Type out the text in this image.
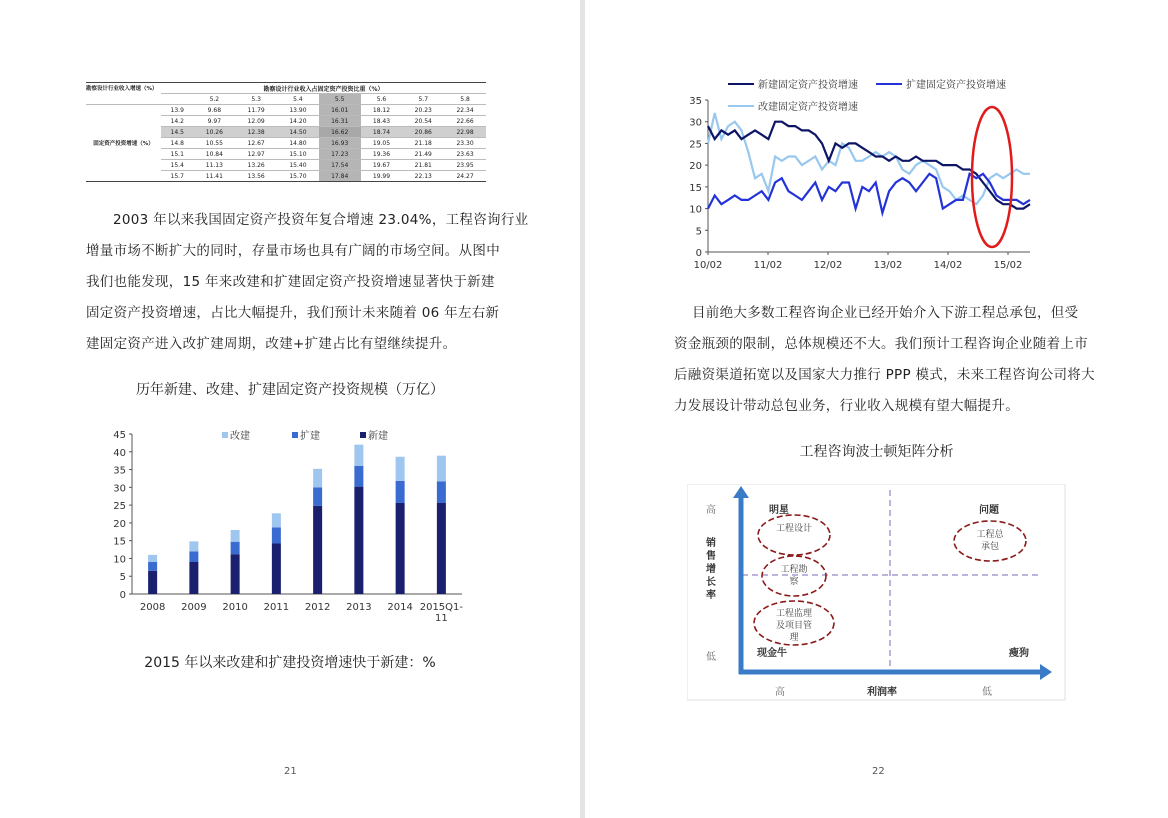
勘察设计行业收入增速（%）	勘察设计行业收入占固定资产投资比重（%）							
		5.2	5.3	5.4	5.5	5.6	5.7	5.8
固定资产投资增速（%）	13.9	9.68	11.79	13.90	16.01	18.12	20.23	22.34
	14.2	9.97	12.09	14.20	16.31	18.43	20.54	22.66
	14.5	10.26	12.38	14.50	16.62	18.74	20.86	22.98
	14.8	10.55	12.67	14.80	16.93	19.05	21.18	23.30
	15.1	10.84	12.97	15.10	17.23	19.36	21.49	23.63
	15.4	11.13	13.26	15.40	17.54	19.67	21.81	23.95
	15.7	11.41	13.56	15.70	17.84	19.99	22.13	24.27
2003 年以来我国固定资产投资年复合增速 23.04%，工程咨询行业
增量市场不断扩大的同时，存量市场也具有广阔的市场空间。从图中
我们也能发现，15 年来改建和扩建固定资产投资增速显著快于新建
固定资产投资增速，占比大幅提升，我们预计未来随着 06 年左右新
建固定资产进入改扩建周期，改建+扩建占比有望继续提升。
历年新建、改建、扩建固定资产投资规模（万亿）
0
5
10
15
20
25
30
35
40
45
2008 2009 2010 2011 2012 2013 2014 2015Q1-
11
改建	扩建	新建
2015 年以来改建和扩建投资增速快于新建：%
21
0
5
10
15
20
25
30
35
10/02	11/02	12/02	13/02	14/02	15/02
新建固定资产投资增速	扩建固定资产投资增速
改建固定资产投资增速
目前绝大多数工程咨询企业已经开始介入下游工程总承包，但受
资金瓶颈的限制，总体规模还不大。我们预计工程咨询企业随着上市
后融资渠道拓宽以及国家大力推行 PPP 模式，未来工程咨询公司将大
力发展设计带动总包业务，行业收入规模有望大幅提升。
工程咨询波士顿矩阵分析
高
低
销售增长率
高	利润率	低
明星	问题
现金牛	瘦狗
工程设计
工程勘察
工程监理及项目管理
工程总承包
22
